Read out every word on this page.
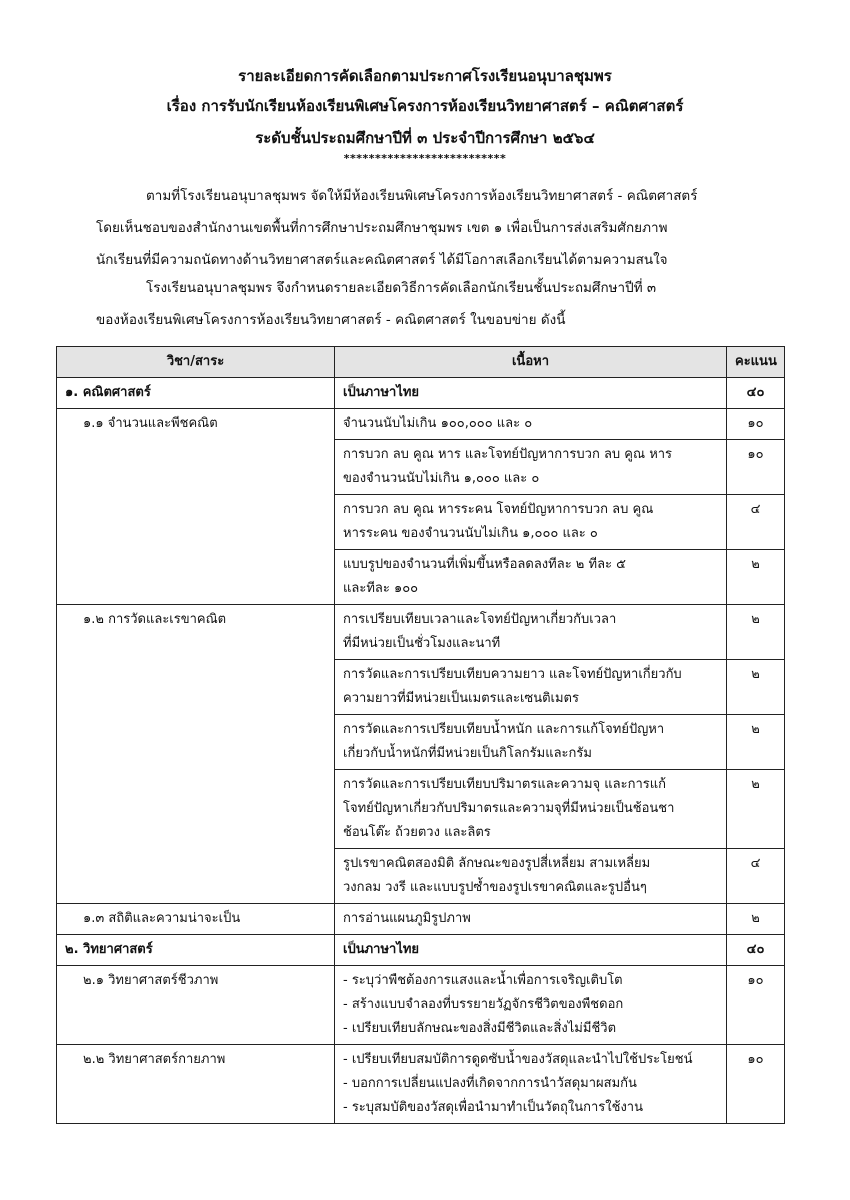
รายละเอียดการคัดเลือกตามประกาศโรงเรียนอนุบาลชุมพร
เรื่อง การรับนักเรียนห้องเรียนพิเศษโครงการห้องเรียนวิทยาศาสตร์ – คณิตศาสตร์
ระดับชั้นประถมศึกษาปีที่ ๓ ประจำปีการศึกษา ๒๕๖๔
**************************
ตามที่โรงเรียนอนุบาลชุมพร จัดให้มีห้องเรียนพิเศษโครงการห้องเรียนวิทยาศาสตร์ - คณิตศาสตร์
โดยเห็นชอบของสำนักงานเขตพื้นที่การศึกษาประถมศึกษาชุมพร เขต ๑ เพื่อเป็นการส่งเสริมศักยภาพ
นักเรียนที่มีความถนัดทางด้านวิทยาศาสตร์และคณิตศาสตร์ ได้มีโอกาสเลือกเรียนได้ตามความสนใจ
โรงเรียนอนุบาลชุมพร จึงกำหนดรายละเอียดวิธีการคัดเลือกนักเรียนชั้นประถมศึกษาปีที่ ๓
ของห้องเรียนพิเศษโครงการห้องเรียนวิทยาศาสตร์ - คณิตศาสตร์ ในขอบข่าย ดังนี้
วิชา/สาระ	เนื้อหา	คะแนน
๑. คณิตศาสตร์	เป็นภาษาไทย	๔๐
๑.๑ จำนวนและพีชคณิต	จำนวนนับไม่เกิน ๑๐๐,๐๐๐ และ ๐	๑๐

	การบวก ลบ คูณ หาร และโจทย์ปัญหาการบวก ลบ คูณ หาร
ของจำนวนนับไม่เกิน ๑,๐๐๐ และ ๐	๑๐

	การบวก ลบ คูณ หารระคน โจทย์ปัญหาการบวก ลบ คูณ
หารระคน ของจำนวนนับไม่เกิน ๑,๐๐๐ และ ๐	๔

	แบบรูปของจำนวนที่เพิ่มขึ้นหรือลดลงทีละ ๒ ทีละ ๕
และทีละ ๑๐๐	๒
๑.๒ การวัดและเรขาคณิต	การเปรียบเทียบเวลาและโจทย์ปัญหาเกี่ยวกับเวลา
ที่มีหน่วยเป็นชั่วโมงและนาที	๒

	การวัดและการเปรียบเทียบความยาว และโจทย์ปัญหาเกี่ยวกับ
ความยาวที่มีหน่วยเป็นเมตรและเซนติเมตร	๒

	การวัดและการเปรียบเทียบน้ำหนัก และการแก้โจทย์ปัญหา
เกี่ยวกับน้ำหนักที่มีหน่วยเป็นกิโลกรัมและกรัม	๒

	การวัดและการเปรียบเทียบปริมาตรและความจุ และการแก้
โจทย์ปัญหาเกี่ยวกับปริมาตรและความจุที่มีหน่วยเป็นช้อนชา
ช้อนโต๊ะ ถ้วยตวง และลิตร	๒

	รูปเรขาคณิตสองมิติ ลักษณะของรูปสี่เหลี่ยม สามเหลี่ยม
วงกลม วงรี และแบบรูปซ้ำของรูปเรขาคณิตและรูปอื่นๆ	๔
๑.๓ สถิติและความน่าจะเป็น	การอ่านแผนภูมิรูปภาพ	๒
๒. วิทยาศาสตร์	เป็นภาษาไทย	๔๐
๒.๑ วิทยาศาสตร์ชีวภาพ	- ระบุว่าพืชต้องการแสงและน้ำเพื่อการเจริญเติบโต
- สร้างแบบจำลองที่บรรยายวัฏจักรชีวิตของพืชดอก
- เปรียบเทียบลักษณะของสิ่งมีชีวิตและสิ่งไม่มีชีวิต	๑๐
๒.๒ วิทยาศาสตร์กายภาพ	- เปรียบเทียบสมบัติการดูดซับน้ำของวัสดุและนำไปใช้ประโยชน์
- บอกการเปลี่ยนแปลงที่เกิดจากการนำวัสดุมาผสมกัน
- ระบุสมบัติของวัสดุเพื่อนำมาทำเป็นวัตถุในการใช้งาน	๑๐
